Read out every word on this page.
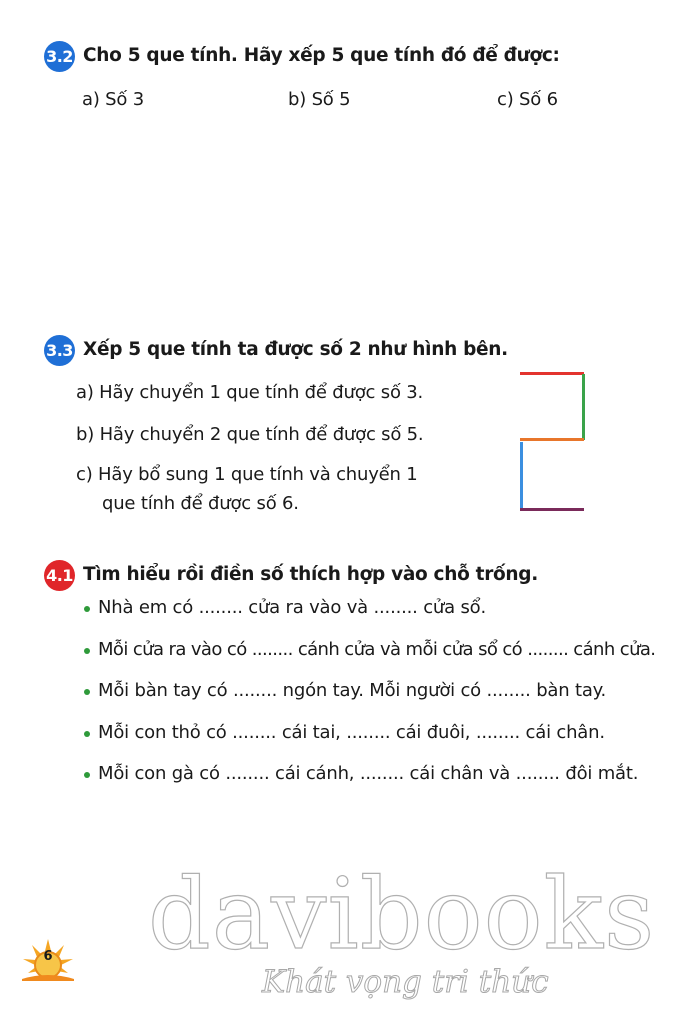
3.2 Cho 5 que tính. Hãy xếp 5 que tính đó để được:
a) Số 3	b) Số 5	c) Số 6
3.3 Xếp 5 que tính ta được số 2 như hình bên.
a) Hãy chuyển 1 que tính để được số 3.
b) Hãy chuyển 2 que tính để được số 5.
c) Hãy bổ sung 1 que tính và chuyển 1
que tính để được số 6.
4.1 Tìm hiểu rồi điền số thích hợp vào chỗ trống.
Nhà em có ........ cửa ra vào và ........ cửa sổ.
Mỗi cửa ra vào có ........ cánh cửa và mỗi cửa sổ có ........ cánh cửa.
Mỗi bàn tay có ........ ngón tay. Mỗi người có ........ bàn tay.
Mỗi con thỏ có ........ cái tai, ........ cái đuôi, ........ cái chân.
Mỗi con gà có ........ cái cánh, ........ cái chân và ........ đôi mắt.
davibooks
Khát vọng tri thức
6
